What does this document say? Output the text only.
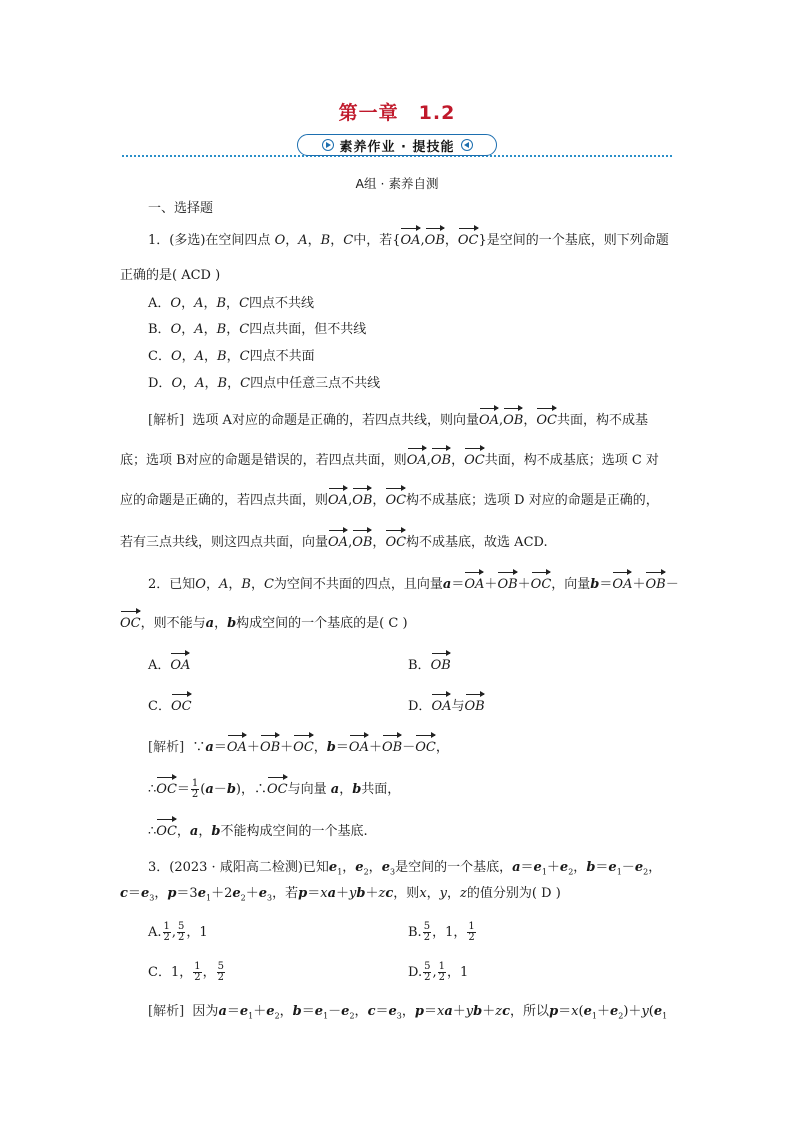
第一章　1.2
素养作业 · 提技能
A组 · 素养自测
一、选择题
1．(多选)在空间四点 O，A，B，C中，若{OA,OB，OC}是空间的一个基底，则下列命题
正确的是( ACD )
A．O，A，B，C四点不共线
B．O，A，B，C四点共面，但不共线
C．O，A，B，C四点不共面
D．O，A，B，C四点中任意三点不共线
[解析] 选项 A对应的命题是正确的，若四点共线，则向量OA,OB，OC共面，构不成基
底；选项 B对应的命题是错误的，若四点共面，则OA,OB，OC共面，构不成基底；选项 C 对
应的命题是正确的，若四点共面，则OA,OB，OC构不成基底；选项 D 对应的命题是正确的，
若有三点共线，则这四点共面，向量OA,OB，OC构不成基底，故选 ACD.
2．已知O，A，B，C为空间不共面的四点，且向量a＝OA＋OB＋OC，向量b＝OA＋OB－
OC，则不能与a，b构成空间的一个基底的是( C )
A．OA	B．OB
C．OC	D．OA与OB
[解析]  ∵a＝OA＋OB＋OC，b＝OA＋OB－OC，
∴OC＝ $\frac{1}{2} (a-b)$，∴OC与向量 a，b共面，
∴OC，a，b不能构成空间的一个基底.
3．(2023 · 咸阳高二检测)已知$e_1$，$e_2$，$e_3$是空间的一个基底，$a=e_1+e_2$，$b=e_1-e_2$，
$c=e_3$，$p=3e_1+2e_2+e_3$，若p＝xa＋yb＋zc，则x，y，z的值分别为( D )
A. $\frac{1}{2}$ , $\frac{5}{2}$ ，1	B. $\frac{5}{2}$ ，1， $\frac{1}{2}$
C．1， $\frac{1}{2}$ ， $\frac{5}{2}$	D. $\frac{5}{2}$ , $\frac{1}{2}$ ，1
[解析] 因为$a=e_1+e_2$，$b=e_1-e_2$，$c=e_3$，p＝xa＋yb＋zc，所以$p=x(e_1+e_2)+y(e_1$
